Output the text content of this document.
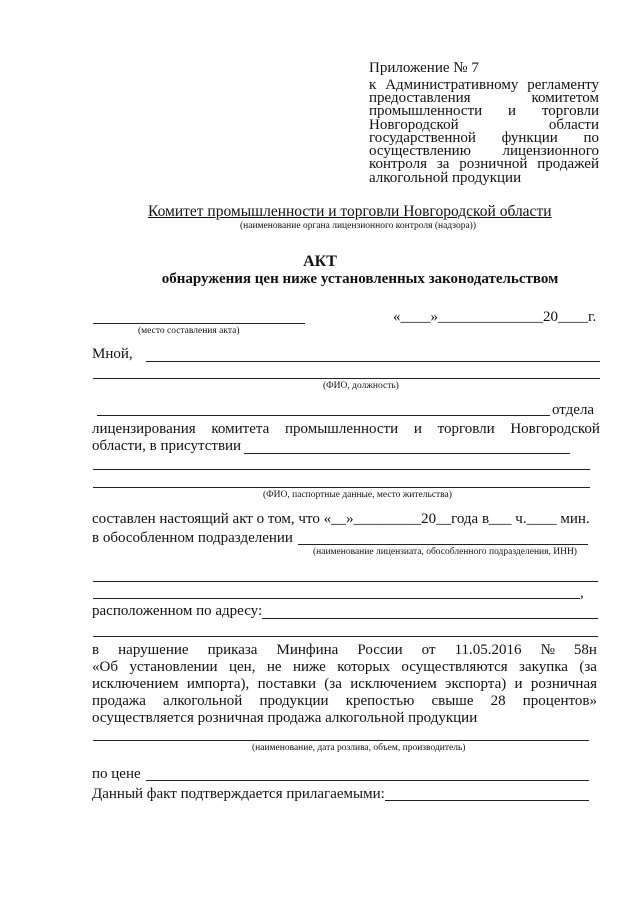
Приложение № 7
к Административному регламенту
предоставления	комитетом
промышленности и торговли
Новгородской	области
государственной функции по
осуществлению лицензионного
контроля за розничной продажей
алкогольной продукции
Комитет промышленности и торговли Новгородской области
(наименование органа лицензионного контроля (надзора))
АКТ
обнаружения цен ниже установленных законодательством
(место составления акта)
«____»______________20____г.
Мной,
(ФИО, должность)
отдела
лицензирования комитета промышленности и торговли Новгородской
области, в присутствии
(ФИО, паспортные данные, место жительства)
составлен настоящий акт о том, что «__»_________20__года в___ ч.____ мин.
в обособленном подразделении
(наименование лицензиата, обособленного подразделения, ИНН)
,
расположенном по адресу:
в нарушение приказа Минфина России от 11.05.2016 № 58н
«Об установлении цен, не ниже которых осуществляются закупка (за
исключением импорта), поставки (за исключением экспорта) и розничная
продажа алкогольной продукции крепостью свыше 28 процентов»
осуществляется розничная продажа алкогольной продукции
(наименование, дата розлива, объем, производитель)
по цене
Данный факт подтверждается прилагаемыми:
